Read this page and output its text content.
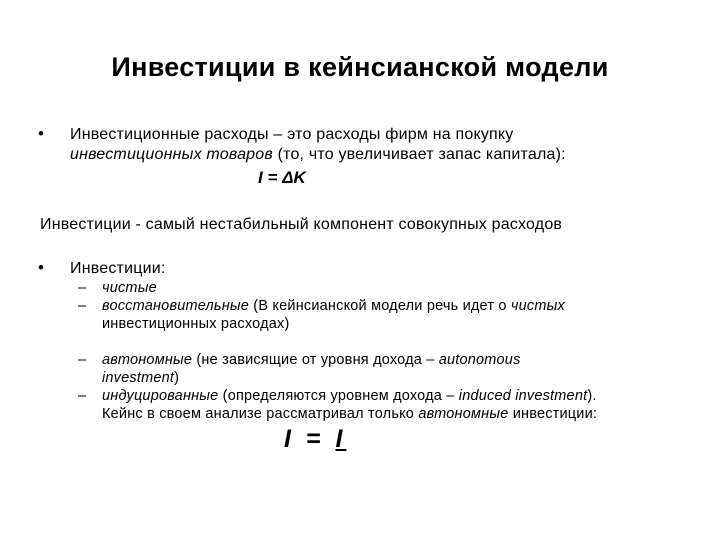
Инвестиции в кейнсианской модели
• Инвестиционные расходы – это расходы фирм на покупку
инвестиционных товаров (то, что увеличивает запас капитала):
I = ΔK
Инвестиции - самый нестабильный компонент совокупных расходов
• Инвестиции:
– чистые
– восстановительные (В кейнсианской модели речь идет о чистых
инвестиционных расходах)
– автономные (не зависящие от уровня дохода – autonomous
investment)
– индуцированные (определяются уровнем дохода – induced investment).
Кейнс в своем анализе рассматривал только автономные инвестиции:
I = I
